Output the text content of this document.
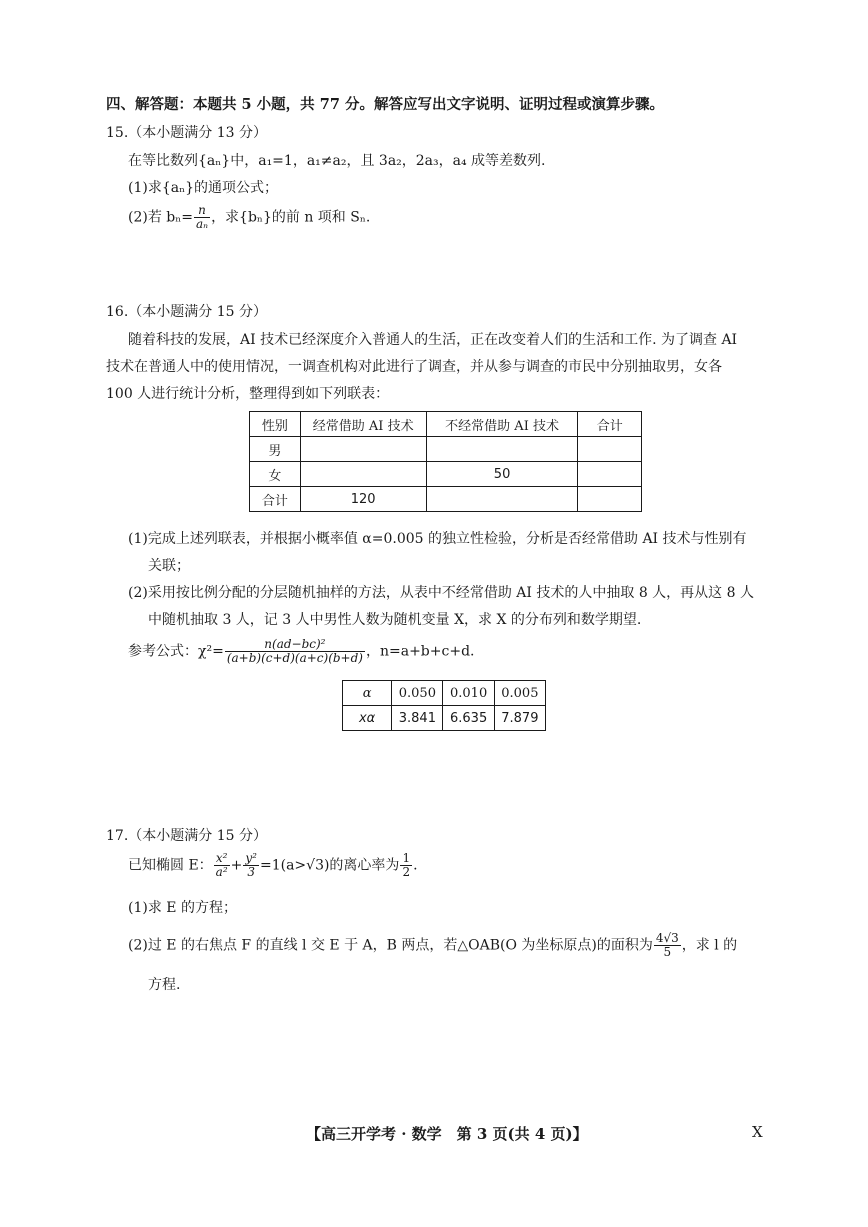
四、解答题：本题共 5 小题，共 77 分。解答应写出文字说明、证明过程或演算步骤。
15.（本小题满分 13 分）
在等比数列{aₙ}中，a₁=1，a₁≠a₂，且 3a₂，2a₃，a₄ 成等差数列.
(1)求{aₙ}的通项公式；
(2)若 $b_n= \frac{n}{\text{aₙ}}$ ，求{bₙ}的前 n 项和 Sₙ.
16.（本小题满分 15 分）
随着科技的发展，AI 技术已经深度介入普通人的生活，正在改变着人们的生活和工作. 为了调查 AI
技术在普通人中的使用情况，一调查机构对此进行了调查，并从参与调查的市民中分别抽取男，女各
100 人进行统计分析，整理得到如下列联表：
性别	经常借助 AI 技术	不经常借助 AI 技术	合计
男			
女		50	
合计	120		
(1)完成上述列联表，并根据小概率值 α=0.005 的独立性检验，分析是否经常借助 AI 技术与性别有
关联；
(2)采用按比例分配的分层随机抽样的方法，从表中不经常借助 AI 技术的人中抽取 8 人，再从这 8 人
中随机抽取 3 人，记 3 人中男性人数为随机变量 X，求 X 的分布列和数学期望.
参考公式：$\chi^2= \frac{\text{n(ad−bc)²}}{(a+b)(c+d)(a+c)(b+d)}$ ，n=a+b+c+d.
α	0.050	0.010	0.005
xα	3.841	6.635	7.879
17.（本小题满分 15 分）
已知椭圆 E： $\frac{\text{x²}}{\text{a²}} + \frac{\text{y²}}{3} =1(a>√3)$的离心率为 $\frac{1}{2}$ .
(1)求 E 的方程；
(2)过 E 的右焦点 F 的直线 l 交 E 于 A，B 两点，若△OAB(O 为坐标原点)的面积为 $\frac{4√3}{5}$ ，求 l 的
方程.
【高三开学考 · 数学　第 3 页(共 4 页)】	X
